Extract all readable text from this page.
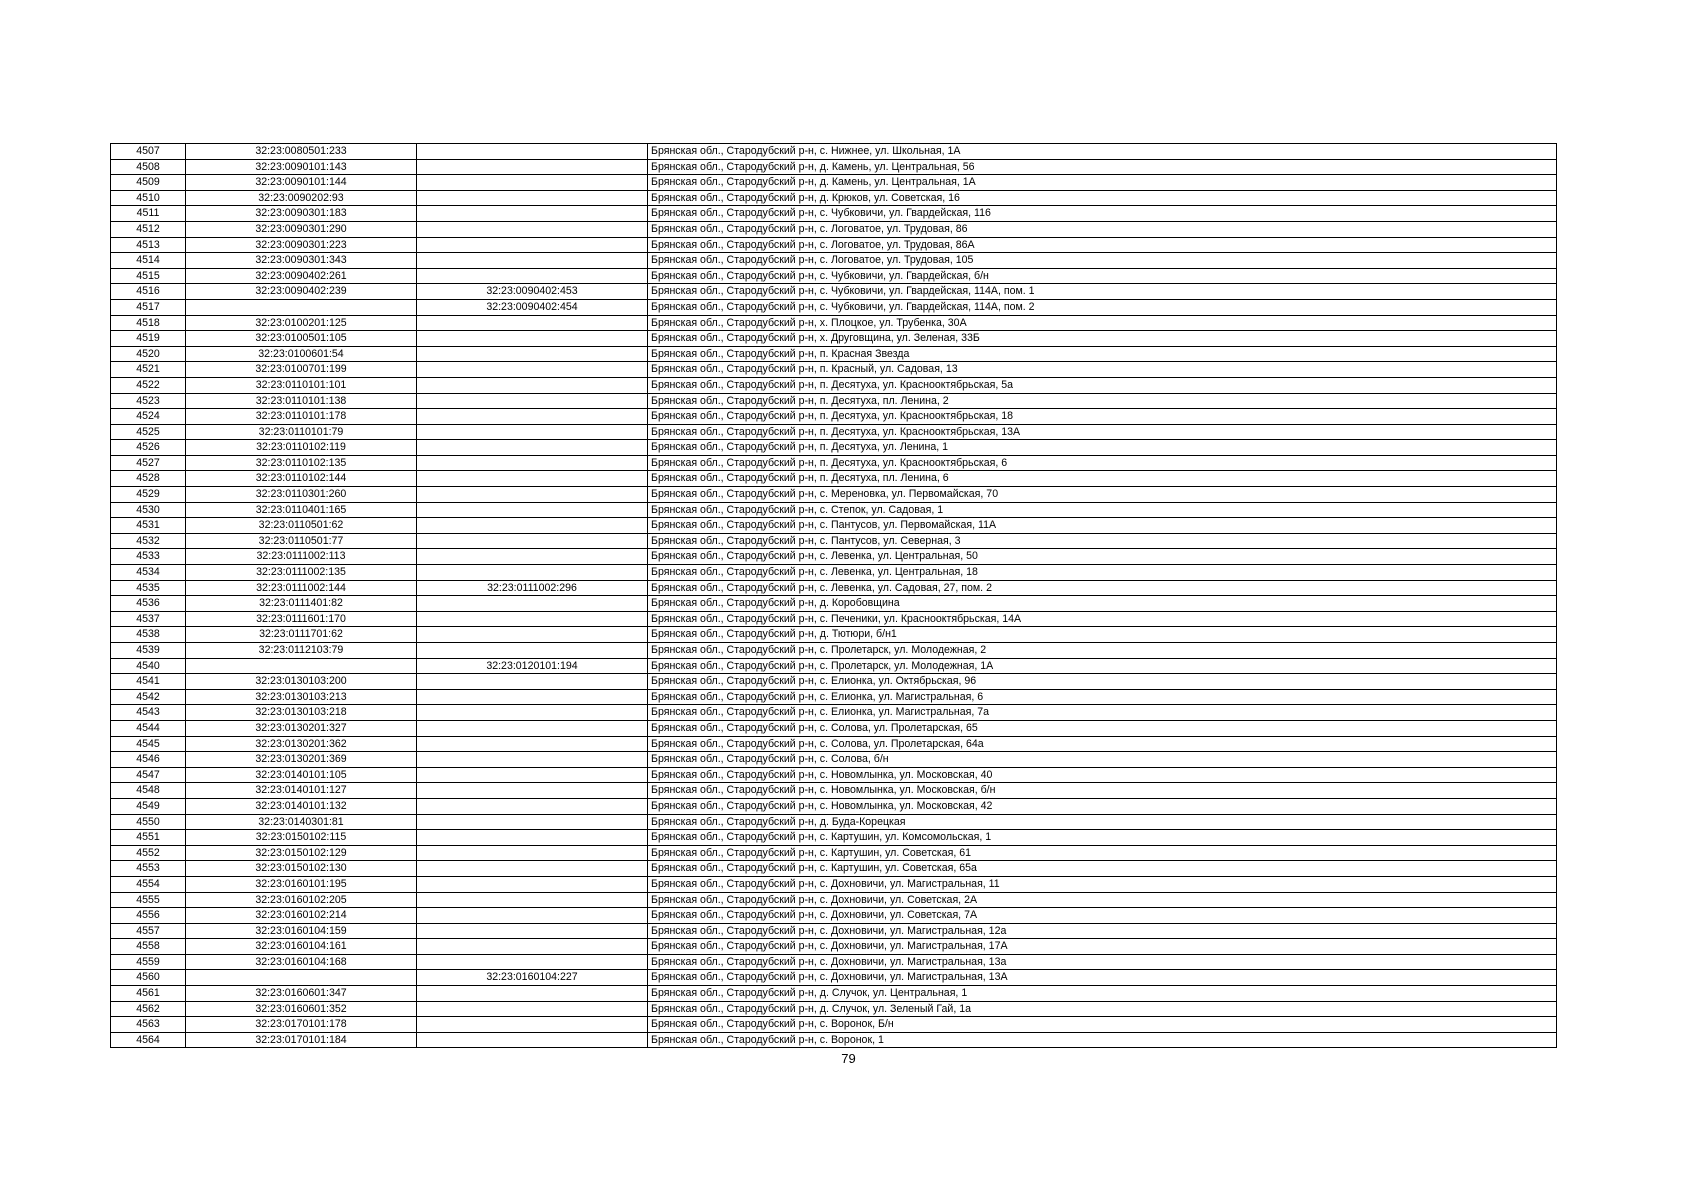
4507	32:23:0080501:233		Брянская обл., Стародубский р-н, с. Нижнее, ул. Школьная, 1А
4508	32:23:0090101:143		Брянская обл., Стародубский р-н, д. Камень, ул. Центральная, 56
4509	32:23:0090101:144		Брянская обл., Стародубский р-н, д. Камень, ул. Центральная, 1А
4510	32:23:0090202:93		Брянская обл., Стародубский р-н, д. Крюков, ул. Советская, 16
4511	32:23:0090301:183		Брянская обл., Стародубский р-н, с. Чубковичи, ул. Гвардейская, 116
4512	32:23:0090301:290		Брянская обл., Стародубский р-н, с. Логоватое, ул. Трудовая, 86
4513	32:23:0090301:223		Брянская обл., Стародубский р-н, с. Логоватое, ул. Трудовая, 86А
4514	32:23:0090301:343		Брянская обл., Стародубский р-н, с. Логоватое, ул. Трудовая, 105
4515	32:23:0090402:261		Брянская обл., Стародубский р-н, с. Чубковичи, ул. Гвардейская, б/н
4516	32:23:0090402:239	32:23:0090402:453	Брянская обл., Стародубский р-н, с. Чубковичи, ул. Гвардейская, 114А, пом. 1
4517		32:23:0090402:454	Брянская обл., Стародубский р-н, с. Чубковичи, ул. Гвардейская, 114А, пом. 2
4518	32:23:0100201:125		Брянская обл., Стародубский р-н, х. Плоцкое, ул. Трубенка, 30А
4519	32:23:0100501:105		Брянская обл., Стародубский р-н, х. Друговщина, ул. Зеленая, 33Б
4520	32:23:0100601:54		Брянская обл., Стародубский р-н, п. Красная Звезда
4521	32:23:0100701:199		Брянская обл., Стародубский р-н, п. Красный, ул. Садовая, 13
4522	32:23:0110101:101		Брянская обл., Стародубский р-н, п. Десятуха, ул. Краснооктябрьская, 5а
4523	32:23:0110101:138		Брянская обл., Стародубский р-н, п. Десятуха, пл. Ленина, 2
4524	32:23:0110101:178		Брянская обл., Стародубский р-н, п. Десятуха, ул. Краснооктябрьская, 18
4525	32:23:0110101:79		Брянская обл., Стародубский р-н, п. Десятуха, ул. Краснооктябрьская, 13А
4526	32:23:0110102:119		Брянская обл., Стародубский р-н, п. Десятуха, ул. Ленина, 1
4527	32:23:0110102:135		Брянская обл., Стародубский р-н, п. Десятуха, ул. Краснооктябрьская, 6
4528	32:23:0110102:144		Брянская обл., Стародубский р-н, п. Десятуха, пл. Ленина, 6
4529	32:23:0110301:260		Брянская обл., Стародубский р-н, с. Мереновка, ул. Первомайская, 70
4530	32:23:0110401:165		Брянская обл., Стародубский р-н, с. Степок, ул. Садовая, 1
4531	32:23:0110501:62		Брянская обл., Стародубский р-н, с. Пантусов, ул. Первомайская, 11А
4532	32:23:0110501:77		Брянская обл., Стародубский р-н, с. Пантусов, ул. Северная, 3
4533	32:23:0111002:113		Брянская обл., Стародубский р-н, с. Левенка, ул. Центральная, 50
4534	32:23:0111002:135		Брянская обл., Стародубский р-н, с. Левенка, ул. Центральная, 18
4535	32:23:0111002:144	32:23:0111002:296	Брянская обл., Стародубский р-н, с. Левенка, ул. Садовая, 27, пом. 2
4536	32:23:0111401:82		Брянская обл., Стародубский р-н, д. Коробовщина
4537	32:23:0111601:170		Брянская обл., Стародубский р-н, с. Печеники, ул. Краснооктябрьская, 14А
4538	32:23:0111701:62		Брянская обл., Стародубский р-н, д. Тютюри, б/н1
4539	32:23:0112103:79		Брянская обл., Стародубский р-н, с. Пролетарск, ул. Молодежная, 2
4540		32:23:0120101:194	Брянская обл., Стародубский р-н, с. Пролетарск, ул. Молодежная, 1А
4541	32:23:0130103:200		Брянская обл., Стародубский р-н, с. Елионка, ул. Октябрьская, 96
4542	32:23:0130103:213		Брянская обл., Стародубский р-н, с. Елионка, ул. Магистральная, 6
4543	32:23:0130103:218		Брянская обл., Стародубский р-н, с. Елионка, ул. Магистральная, 7а
4544	32:23:0130201:327		Брянская обл., Стародубский р-н, с. Солова, ул. Пролетарская, 65
4545	32:23:0130201:362		Брянская обл., Стародубский р-н, с. Солова, ул. Пролетарская, 64а
4546	32:23:0130201:369		Брянская обл., Стародубский р-н, с. Солова, б/н
4547	32:23:0140101:105		Брянская обл., Стародубский р-н, с. Новомлынка, ул. Московская, 40
4548	32:23:0140101:127		Брянская обл., Стародубский р-н, с. Новомлынка, ул. Московская, б/н
4549	32:23:0140101:132		Брянская обл., Стародубский р-н, с. Новомлынка, ул. Московская, 42
4550	32:23:0140301:81		Брянская обл., Стародубский р-н, д. Буда-Корецкая
4551	32:23:0150102:115		Брянская обл., Стародубский р-н, с. Картушин, ул. Комсомольская, 1
4552	32:23:0150102:129		Брянская обл., Стародубский р-н, с. Картушин, ул. Советская, 61
4553	32:23:0150102:130		Брянская обл., Стародубский р-н, с. Картушин, ул. Советская, 65а
4554	32:23:0160101:195		Брянская обл., Стародубский р-н, с. Дохновичи, ул. Магистральная, 11
4555	32:23:0160102:205		Брянская обл., Стародубский р-н, с. Дохновичи, ул. Советская, 2А
4556	32:23:0160102:214		Брянская обл., Стародубский р-н, с. Дохновичи, ул. Советская, 7А
4557	32:23:0160104:159		Брянская обл., Стародубский р-н, с. Дохновичи, ул. Магистральная, 12а
4558	32:23:0160104:161		Брянская обл., Стародубский р-н, с. Дохновичи, ул. Магистральная, 17А
4559	32:23:0160104:168		Брянская обл., Стародубский р-н, с. Дохновичи, ул. Магистральная, 13а
4560		32:23:0160104:227	Брянская обл., Стародубский р-н, с. Дохновичи, ул. Магистральная, 13А
4561	32:23:0160601:347		Брянская обл., Стародубский р-н, д. Случок, ул. Центральная, 1
4562	32:23:0160601:352		Брянская обл., Стародубский р-н, д. Случок, ул. Зеленый Гай, 1а
4563	32:23:0170101:178		Брянская обл., Стародубский р-н, с. Воронок, Б/н
4564	32:23:0170101:184		Брянская обл., Стародубский р-н, с. Воронок, 1
79
